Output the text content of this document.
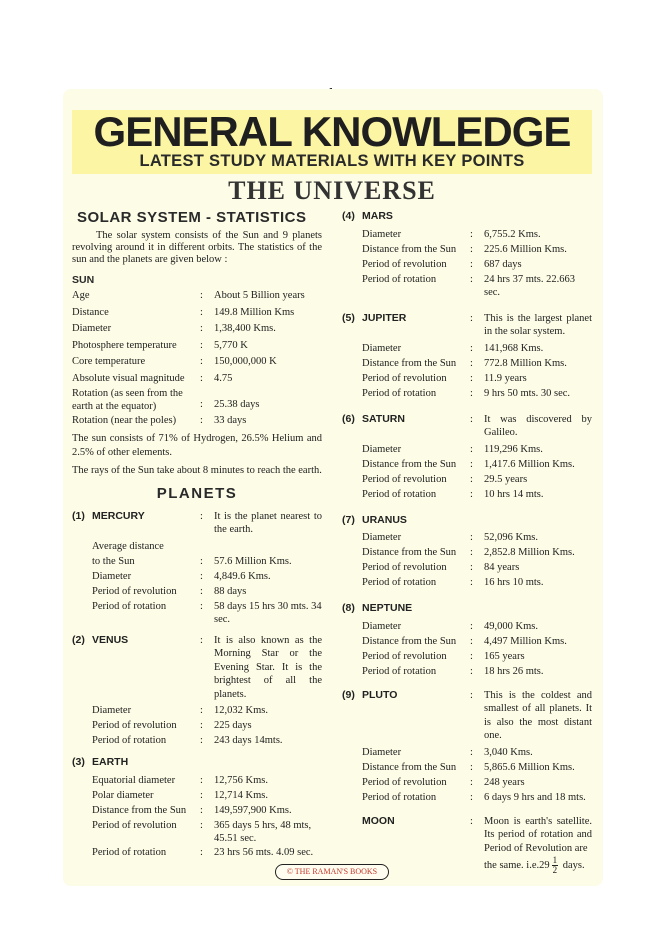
GENERAL KNOWLEDGE
LATEST STUDY MATERIALS WITH KEY POINTS
THE UNIVERSE
SOLAR SYSTEM - STATISTICS
The solar system consists of the Sun and 9 planets revolving around it in different orbits. The statistics of the sun and the planets are given below :
SUN
Age	:	About 5 Billion years
Distance	:	149.8 Million Kms
Diameter	:	1,38,400 Kms.
Photosphere temperature	:	5,770 K
Core temperature	:	150,000,000 K
Absolute visual magnitude	:	4.75
Rotation (as seen from the earth at the equator)	:	25.38 days
Rotation (near the poles)	:	33 days
The sun consists of 71% of Hydrogen, 26.5% Helium and 2.5% of other elements.
The rays of the Sun take about 8 minutes to reach the earth.
PLANETS
(1) MERCURY	:	It is the planet nearest to the earth.
Average distance
to the Sun	:	57.6 Million Kms.
Diameter	:	4,849.6 Kms.
Period of revolution	:	88 days
Period of rotation	:	58 days 15 hrs 30 mts. 34 sec.
(2) VENUS	:	It is also known as the Morning Star or the Evening Star. It is the brightest of all the planets.
Diameter	:	12,032 Kms.
Period of revolution	:	225 days
Period of rotation	:	243 days 14mts.
(3) EARTH
Equatorial diameter	:	12,756 Kms.
Polar diameter	:	12,714 Kms.
Distance from the Sun	:	149,597,900 Kms.
Period of revolution	:	365 days 5 hrs, 48 mts, 45.51 sec.
Period of rotation	:	23 hrs 56 mts. 4.09 sec.
(4) MARS
Diameter	:	6,755.2 Kms.
Distance from the Sun	:	225.6 Million Kms.
Period of revolution	:	687 days
Period of rotation	:	24 hrs 37 mts. 22.663 sec.
(5) JUPITER	:	This is the largest planet in the solar system.
Diameter	:	141,968 Kms.
Distance from the Sun	:	772.8 Million Kms.
Period of revolution	:	11.9 years
Period of rotation	:	9 hrs 50 mts. 30 sec.
(6) SATURN	:	It was discovered by Galileo.
Diameter	:	119,296 Kms.
Distance from the Sun	:	1,417.6 Million Kms.
Period of revolution	:	29.5 years
Period of rotation	:	10 hrs 14 mts.
(7) URANUS
Diameter	:	52,096 Kms.
Distance from the Sun	:	2,852.8 Million Kms.
Period of revolution	:	84 years
Period of rotation	:	16 hrs 10 mts.
(8) NEPTUNE
Diameter	:	49,000 Kms.
Distance from the Sun	:	4,497 Million Kms.
Period of revolution	:	165 years
Period of rotation	:	18 hrs 26 mts.
(9) PLUTO	:	This is the coldest and smallest of all planets. It is also the most distant one.
Diameter	:	3,040 Kms.
Distance from the Sun	:	5,865.6 Million Kms.
Period of revolution	:	248 years
Period of rotation	:	6 days 9 hrs and 18 mts.
MOON	:	Moon is earth's satellite. Its period of rotation and Period of Revolution are
the same. $i.e.29 \frac{1}{2}$ days.
© THE RAMAN'S BOOKS
